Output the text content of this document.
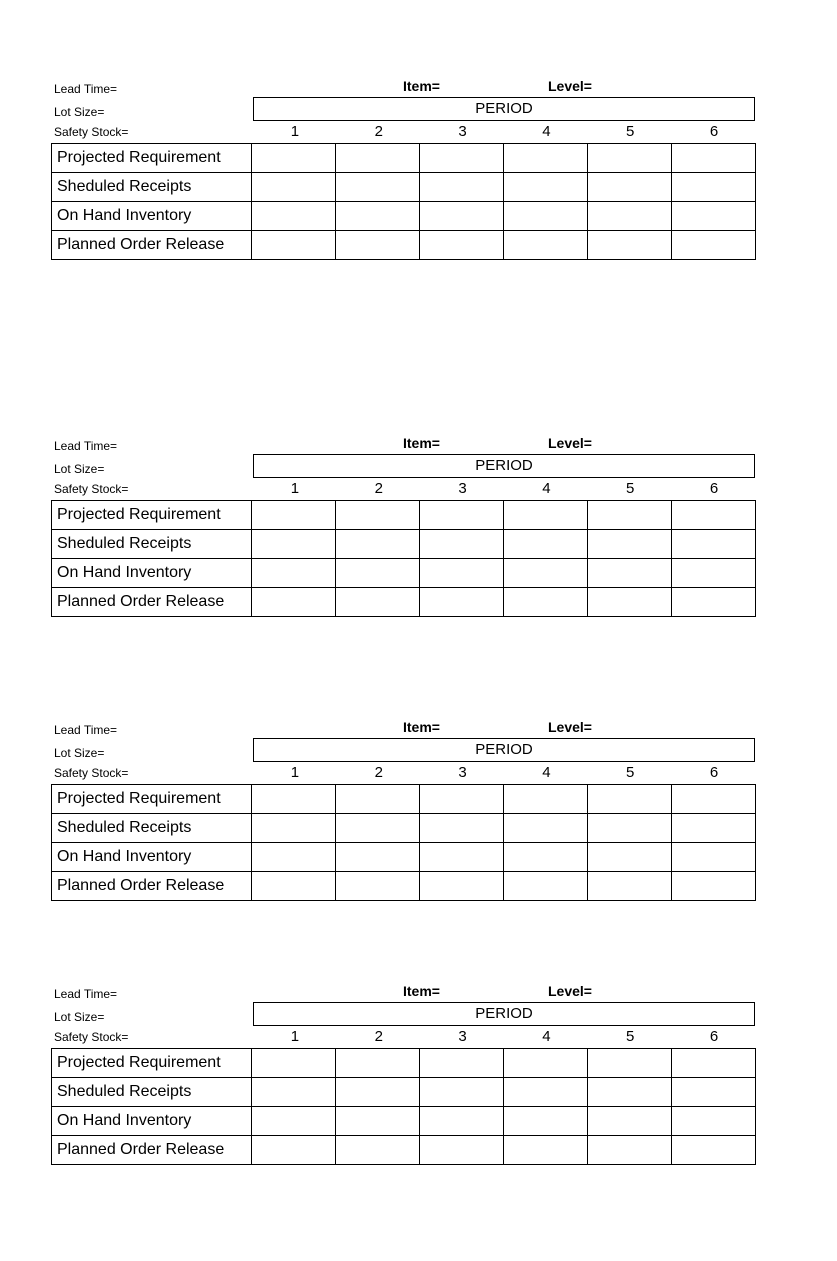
Lead Time=
Lot Size=
Safety Stock=
Item=	Level=
PERIOD
1	2	3	4	5	6
Projected Requirement						
Sheduled Receipts						
On Hand Inventory						
Planned Order Release						
Lead Time=
Lot Size=
Safety Stock=
Item=	Level=
PERIOD
1	2	3	4	5	6
Projected Requirement						
Sheduled Receipts						
On Hand Inventory						
Planned Order Release						
Lead Time=
Lot Size=
Safety Stock=
Item=	Level=
PERIOD
1	2	3	4	5	6
Projected Requirement						
Sheduled Receipts						
On Hand Inventory						
Planned Order Release						
Lead Time=
Lot Size=
Safety Stock=
Item=	Level=
PERIOD
1	2	3	4	5	6
Projected Requirement						
Sheduled Receipts						
On Hand Inventory						
Planned Order Release						
